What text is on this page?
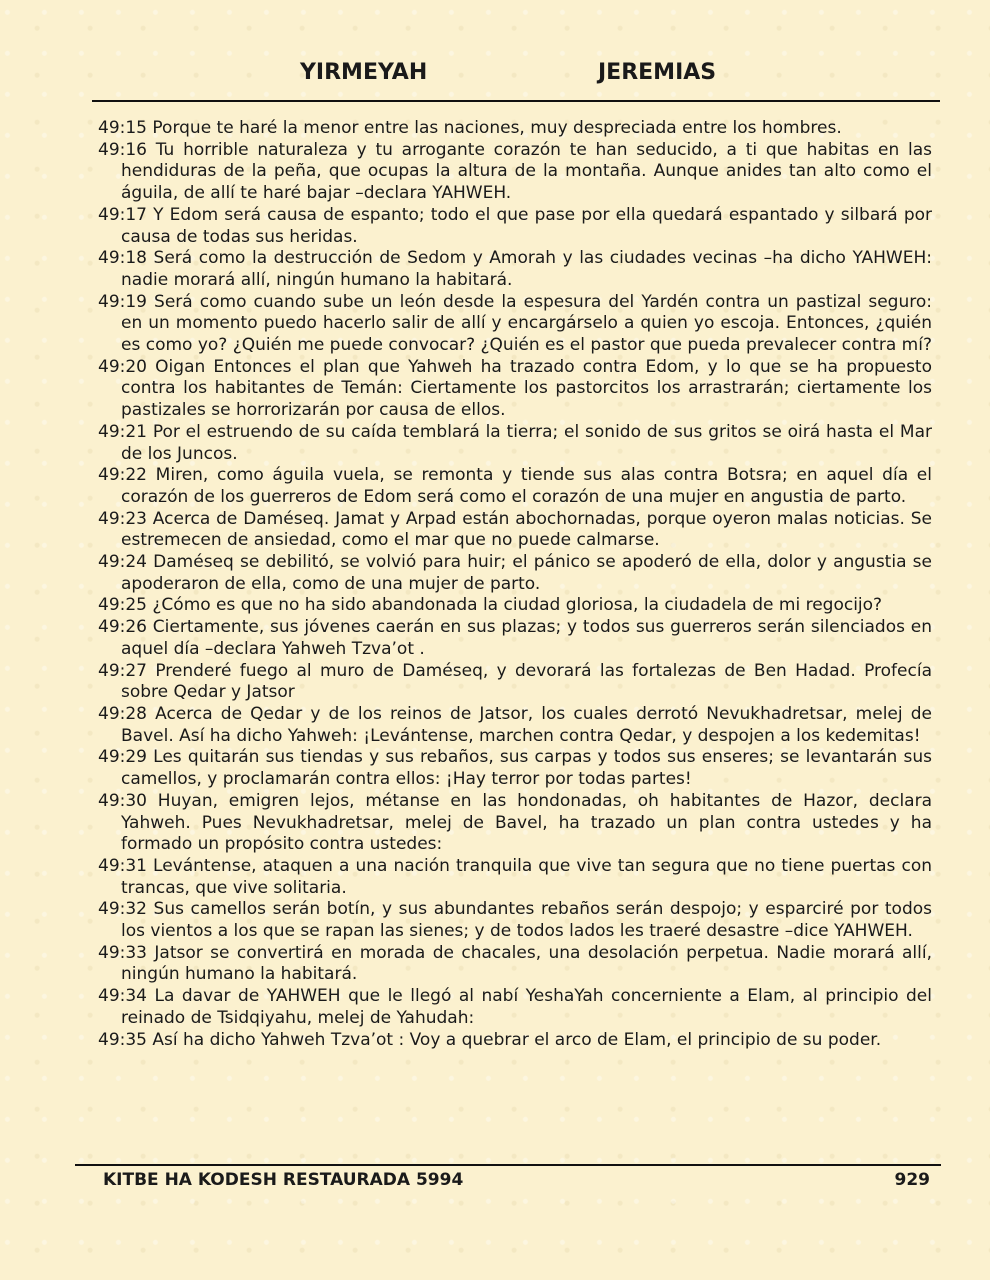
YIRMEYAH	JEREMIAS

49:15 Porque te haré la menor entre las naciones, muy despreciada entre los hombres.

49:16 Tu horrible naturaleza y tu arrogante corazón te han seducido, a ti que habitas en las hendiduras de la peña, que ocupas la altura de la montaña. Aunque anides tan alto como el águila, de allí te haré bajar –declara YAHWEH.

49:17 Y Edom será causa de espanto; todo el que pase por ella quedará espantado y silbará por causa de todas sus heridas.

49:18 Será como la destrucción de Sedom y Amorah y las ciudades vecinas –ha dicho YAHWEH: nadie morará allí, ningún humano la habitará.

49:19 Será como cuando sube un león desde la espesura del Yardén contra un pastizal seguro: en un momento puedo hacerlo salir de allí y encargárselo a quien yo escoja. Entonces, ¿quién es como yo? ¿Quién me puede convocar? ¿Quién es el pastor que pueda prevalecer contra mí?

49:20 Oigan Entonces el plan que Yahweh ha trazado contra Edom, y lo que se ha propuesto contra los habitantes de Temán: Ciertamente los pastorcitos los arrastrarán; ciertamente los pastizales se horrorizarán por causa de ellos.

49:21 Por el estruendo de su caída temblará la tierra; el sonido de sus gritos se oirá hasta el Mar de los Juncos.

49:22 Miren, como águila vuela, se remonta y tiende sus alas contra Botsra; en aquel día el corazón de los guerreros de Edom será como el corazón de una mujer en angustia de parto.

49:23 Acerca de Daméseq. Jamat y Arpad están abochornadas, porque oyeron malas noticias. Se estremecen de ansiedad, como el mar que no puede calmarse.

49:24 Daméseq se debilitó, se volvió para huir; el pánico se apoderó de ella, dolor y angustia se apoderaron de ella, como de una mujer de parto.

49:25 ¿Cómo es que no ha sido abandonada la ciudad gloriosa, la ciudadela de mi regocijo?

49:26 Ciertamente, sus jóvenes caerán en sus plazas; y todos sus guerreros serán silenciados en aquel día –declara Yahweh Tzva’ot .

49:27 Prenderé fuego al muro de Daméseq, y devorará las fortalezas de Ben Hadad. Profecía sobre Qedar y Jatsor

49:28 Acerca de Qedar y de los reinos de Jatsor, los cuales derrotó Nevukhadretsar, melej de Bavel. Así ha dicho Yahweh: ¡Levántense, marchen contra Qedar, y despojen a los kedemitas!

49:29 Les quitarán sus tiendas y sus rebaños, sus carpas y todos sus enseres; se levantarán sus camellos, y proclamarán contra ellos: ¡Hay terror por todas partes!

49:30 Huyan, emigren lejos, métanse en las hondonadas, oh habitantes de Hazor, declara Yahweh. Pues Nevukhadretsar, melej de Bavel, ha trazado un plan contra ustedes y ha formado un propósito contra ustedes:

49:31 Levántense, ataquen a una nación tranquila que vive tan segura que no tiene puertas con trancas, que vive solitaria.

49:32 Sus camellos serán botín, y sus abundantes rebaños serán despojo; y esparciré por todos los vientos a los que se rapan las sienes; y de todos lados les traeré desastre –dice YAHWEH.

49:33 Jatsor se convertirá en morada de chacales, una desolación perpetua. Nadie morará allí, ningún humano la habitará.

49:34 La davar de YAHWEH que le llegó al nabí YeshaYah concerniente a Elam, al principio del reinado de Tsidqiyahu, melej de Yahudah:

49:35 Así ha dicho Yahweh Tzva’ot : Voy a quebrar el arco de Elam, el principio de su poder.

KITBE HA KODESH RESTAURADA 5994	929
